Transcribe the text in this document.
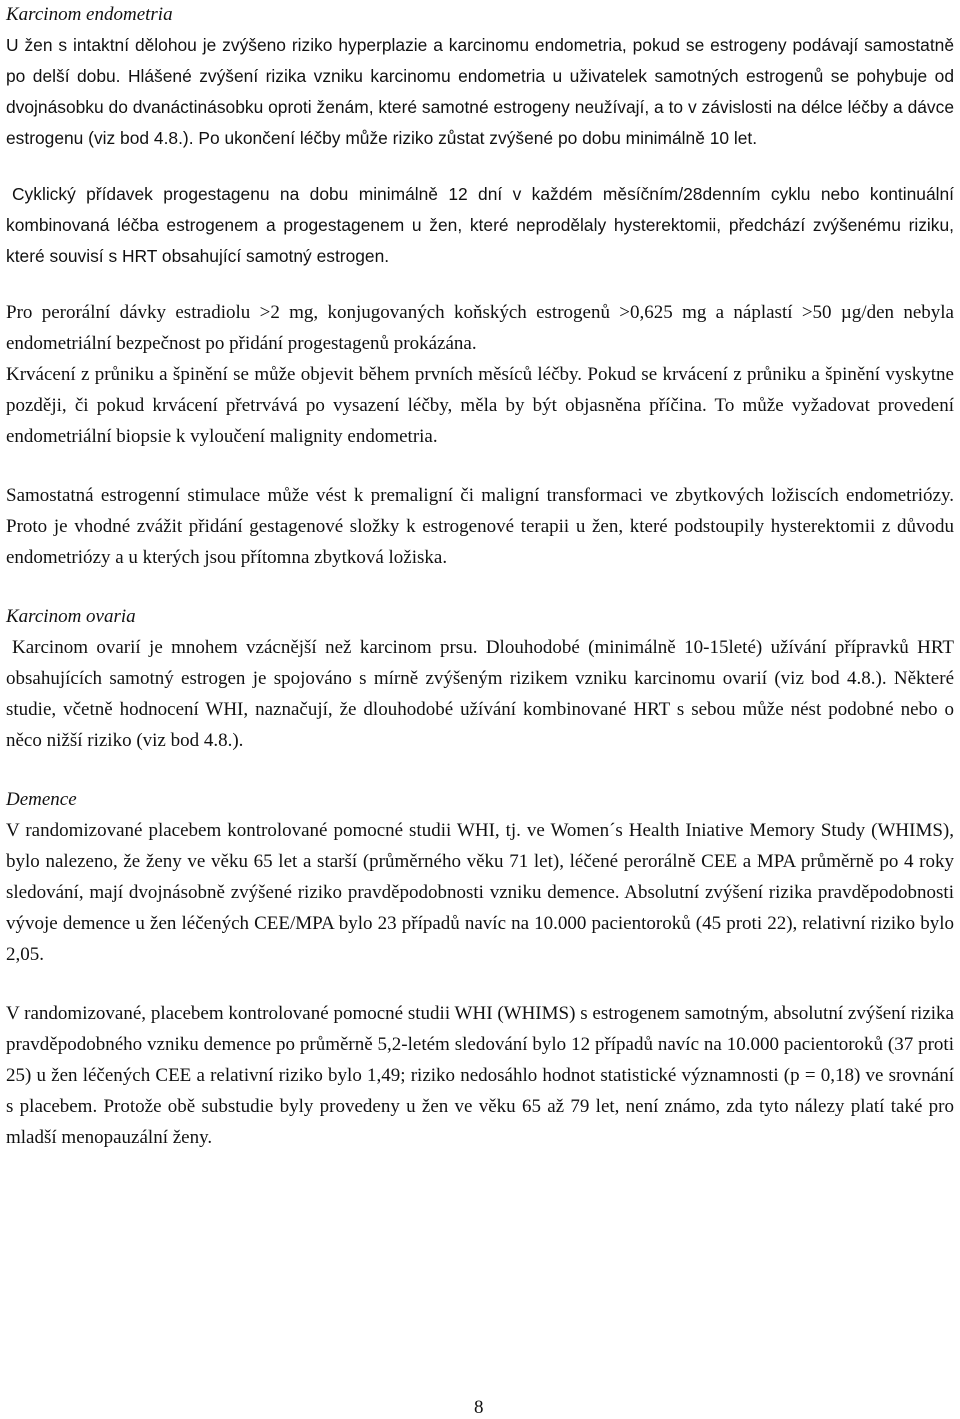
Karcinom endometria

U žen s intaktní dělohou je zvýšeno riziko hyperplazie a karcinomu endometria, pokud se estrogeny podávají samostatně po delší dobu. Hlášené zvýšení rizika vzniku karcinomu endometria u uživatelek samotných estrogenů se pohybuje od dvojnásobku do dvanáctinásobku oproti ženám, které samotné estrogeny neužívají, a to v závislosti na délce léčby a dávce estrogenu (viz bod 4.8.). Po ukončení léčby může riziko zůstat zvýšené po dobu minimálně 10 let.

Cyklický přídavek progestagenu na dobu minimálně 12 dní v každém měsíčním/28denním cyklu nebo kontinuální kombinovaná léčba estrogenem a progestagenem u žen, které neprodělaly hysterektomii, předchází zvýšenému riziku, které souvisí s HRT obsahující samotný estrogen.

Pro perorální dávky estradiolu >2 mg, konjugovaných koňských estrogenů >0,625 mg a náplastí >50 µg/den nebyla endometriální bezpečnost po přidání progestagenů prokázána.

Krvácení z průniku a špinění se může objevit během prvních měsíců léčby. Pokud se krvácení z průniku a špinění vyskytne později, či pokud krvácení přetrvává po vysazení léčby, měla by být objasněna příčina. To může vyžadovat provedení endometriální biopsie k vyloučení malignity endometria.

Samostatná estrogenní stimulace může vést k premaligní či maligní transformaci ve zbytkových ložiscích endometriózy. Proto je vhodné zvážit přidání gestagenové složky k estrogenové terapii u žen, které podstoupily hysterektomii z důvodu endometriózy a u kterých jsou přítomna zbytková ložiska.

Karcinom ovaria

Karcinom ovarií je mnohem vzácnější než karcinom prsu. Dlouhodobé (minimálně 10-15leté) užívání přípravků HRT obsahujících samotný estrogen je spojováno s mírně zvýšeným rizikem vzniku karcinomu ovarií (viz bod 4.8.). Některé studie, včetně hodnocení WHI, naznačují, že dlouhodobé užívání kombinované HRT s sebou může nést podobné nebo o něco nižší riziko (viz bod 4.8.).

Demence

V randomizované placebem kontrolované pomocné studii WHI, tj. ve Women´s Health Iniative Memory Study (WHIMS), bylo nalezeno, že ženy ve věku 65 let a starší (průměrného věku 71 let), léčené perorálně CEE a MPA průměrně po 4 roky sledování, mají dvojnásobně zvýšené riziko pravděpodobnosti vzniku demence. Absolutní zvýšení rizika pravděpodobnosti vývoje demence u žen léčených CEE/MPA bylo 23 případů navíc na 10.000 pacientoroků (45 proti 22), relativní riziko bylo 2,05.

V randomizované, placebem kontrolované pomocné studii WHI (WHIMS) s estrogenem samotným, absolutní zvýšení rizika pravděpodobného vzniku demence po průměrně 5,2-letém sledování bylo 12 případů navíc na 10.000 pacientoroků (37 proti 25) u žen léčených CEE a relativní riziko bylo 1,49; riziko nedosáhlo hodnot statistické významnosti (p = 0,18) ve srovnání s placebem. Protože obě substudie byly provedeny u žen ve věku 65 až 79 let, není známo, zda tyto nálezy platí také pro mladší menopauzální ženy.

8
